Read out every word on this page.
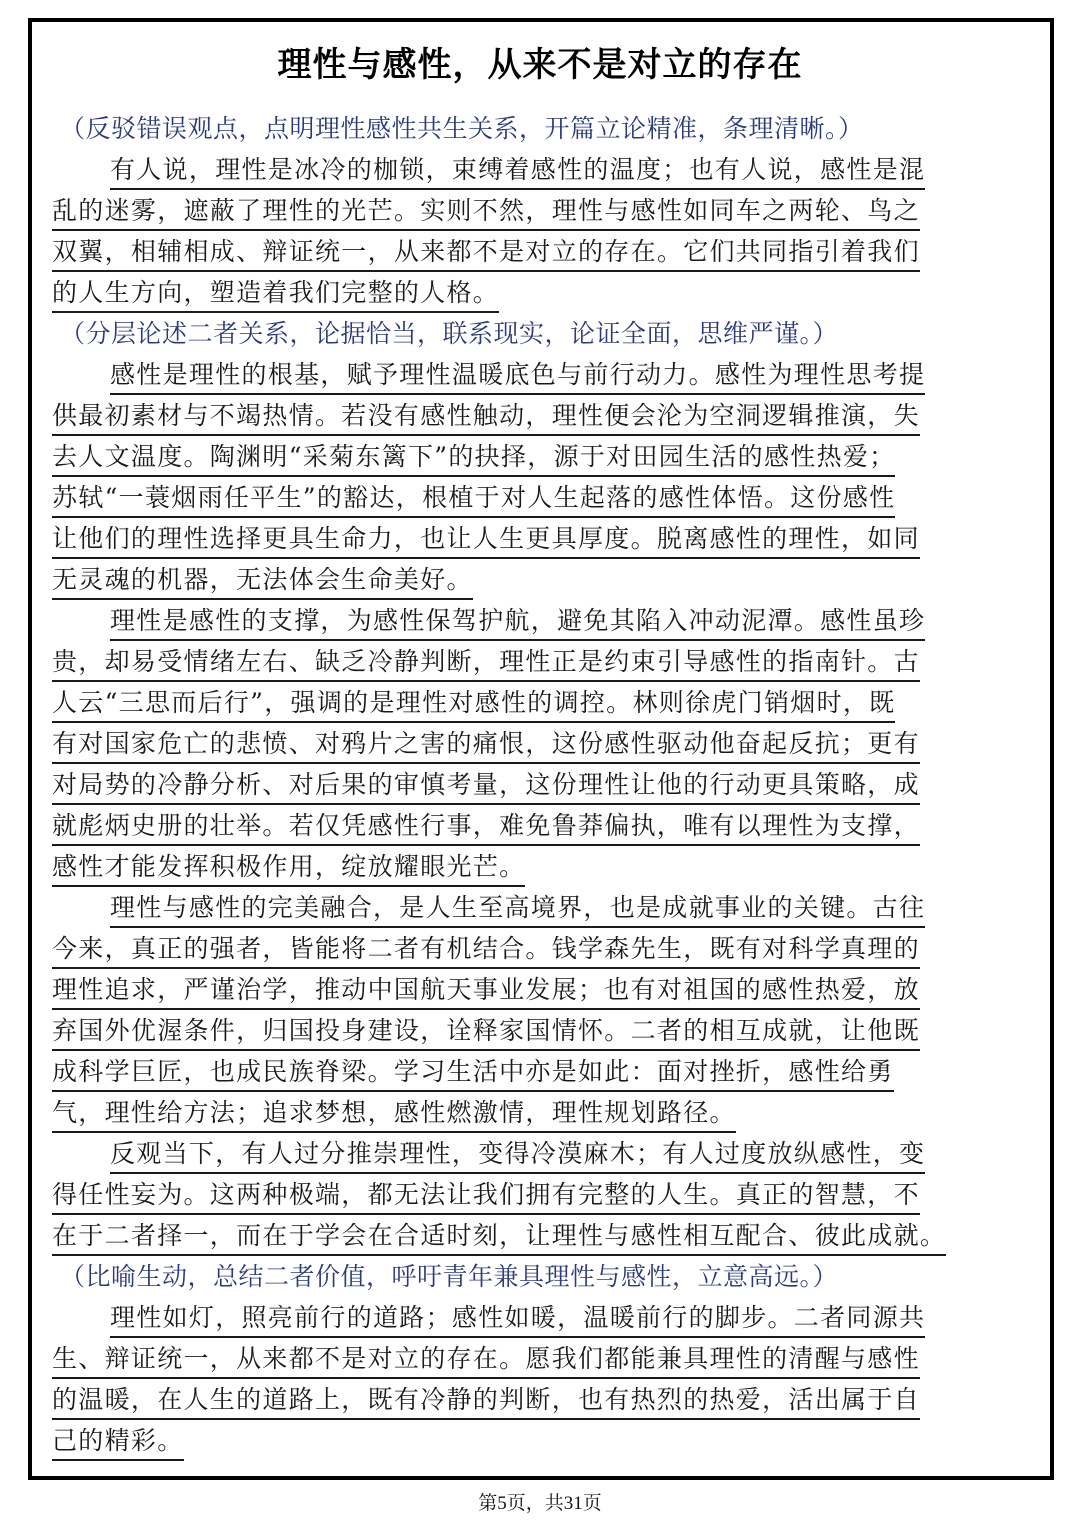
理性与感性，从来不是对立的存在
（反驳错误观点，点明理性感性共生关系，开篇立论精准，条理清晰。）
有人说，理性是冰冷的枷锁，束缚着感性的温度；也有人说，感性是混
乱的迷雾，遮蔽了理性的光芒。实则不然，理性与感性如同车之两轮、鸟之
双翼，相辅相成、辩证统一，从来都不是对立的存在。它们共同指引着我们
的人生方向，塑造着我们完整的人格。
（分层论述二者关系，论据恰当，联系现实，论证全面，思维严谨。）
感性是理性的根基，赋予理性温暖底色与前行动力。感性为理性思考提
供最初素材与不竭热情。若没有感性触动，理性便会沦为空洞逻辑推演，失
去人文温度。陶渊明“采菊东篱下”的抉择，源于对田园生活的感性热爱；
苏轼“一蓑烟雨任平生”的豁达，根植于对人生起落的感性体悟。这份感性
让他们的理性选择更具生命力，也让人生更具厚度。脱离感性的理性，如同
无灵魂的机器，无法体会生命美好。
理性是感性的支撑，为感性保驾护航，避免其陷入冲动泥潭。感性虽珍
贵，却易受情绪左右、缺乏冷静判断，理性正是约束引导感性的指南针。古
人云“三思而后行”，强调的是理性对感性的调控。林则徐虎门销烟时，既
有对国家危亡的悲愤、对鸦片之害的痛恨，这份感性驱动他奋起反抗；更有
对局势的冷静分析、对后果的审慎考量，这份理性让他的行动更具策略，成
就彪炳史册的壮举。若仅凭感性行事，难免鲁莽偏执，唯有以理性为支撑，
感性才能发挥积极作用，绽放耀眼光芒。
理性与感性的完美融合，是人生至高境界，也是成就事业的关键。古往
今来，真正的强者，皆能将二者有机结合。钱学森先生，既有对科学真理的
理性追求，严谨治学，推动中国航天事业发展；也有对祖国的感性热爱，放
弃国外优渥条件，归国投身建设，诠释家国情怀。二者的相互成就，让他既
成科学巨匠，也成民族脊梁。学习生活中亦是如此：面对挫折，感性给勇
气，理性给方法；追求梦想，感性燃激情，理性规划路径。
反观当下，有人过分推崇理性，变得冷漠麻木；有人过度放纵感性，变
得任性妄为。这两种极端，都无法让我们拥有完整的人生。真正的智慧，不
在于二者择一，而在于学会在合适时刻，让理性与感性相互配合、彼此成就。
（比喻生动，总结二者价值，呼吁青年兼具理性与感性，立意高远。）
理性如灯，照亮前行的道路；感性如暖，温暖前行的脚步。二者同源共
生、辩证统一，从来都不是对立的存在。愿我们都能兼具理性的清醒与感性
的温暖，在人生的道路上，既有冷静的判断，也有热烈的热爱，活出属于自
己的精彩。
第5页，共31页
